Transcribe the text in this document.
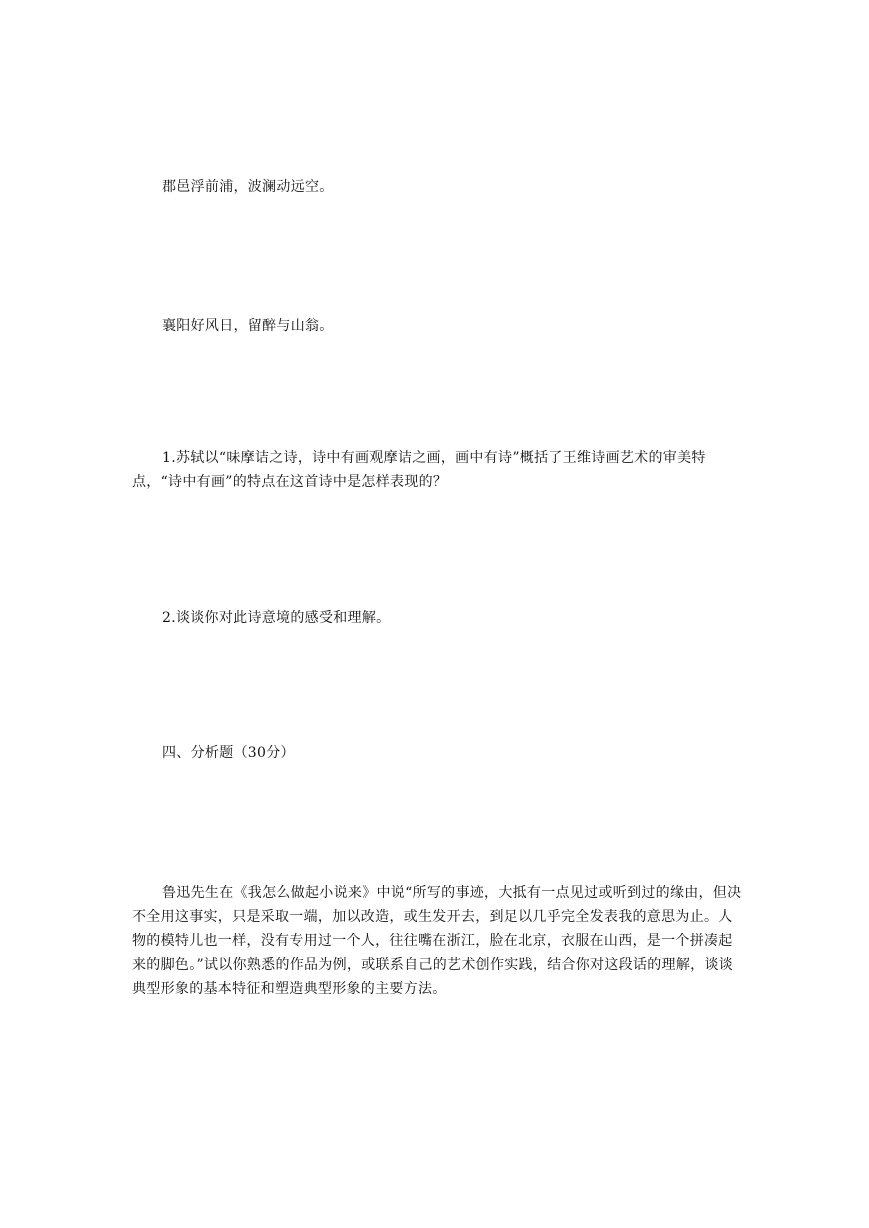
郡邑浮前浦，波澜动远空。

襄阳好风日，留醉与山翁。

1.苏轼以“味摩诘之诗，诗中有画观摩诘之画，画中有诗”概括了王维诗画艺术的审美特点，“诗中有画”的特点在这首诗中是怎样表现的？

2.谈谈你对此诗意境的感受和理解。

四、分析题（30分）

鲁迅先生在《我怎么做起小说来》中说“所写的事迹，大抵有一点见过或听到过的缘由，但决不全用这事实，只是采取一端，加以改造，或生发开去，到足以几乎完全发表我的意思为止。人物的模特儿也一样，没有专用过一个人，往往嘴在浙江，脸在北京，衣服在山西，是一个拼凑起来的脚色。”试以你熟悉的作品为例，或联系自己的艺术创作实践，结合你对这段话的理解，谈谈典型形象的基本特征和塑造典型形象的主要方法。
